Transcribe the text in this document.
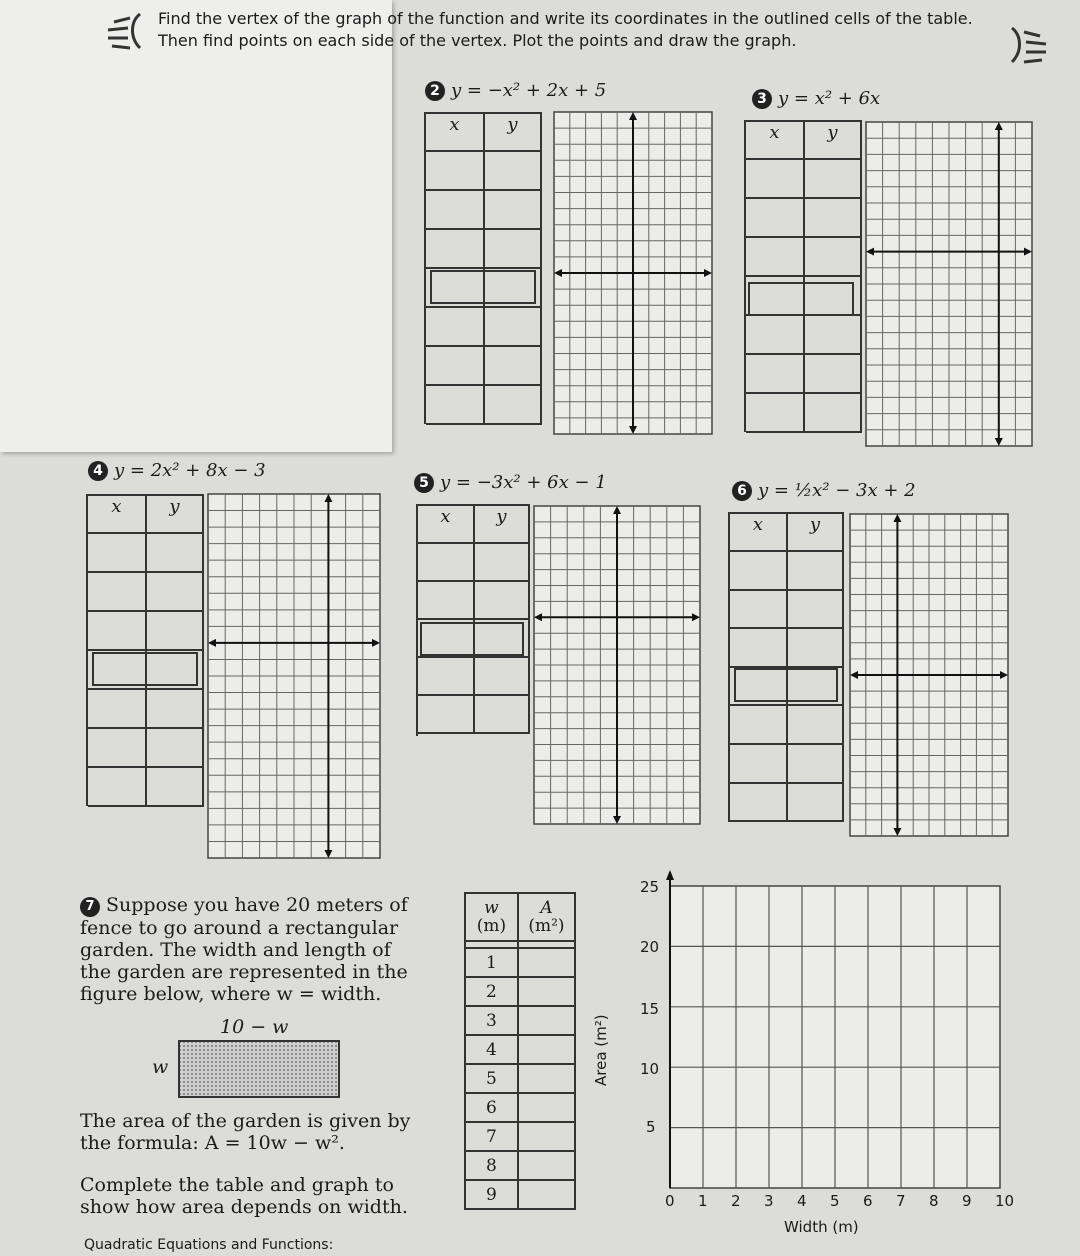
Find the vertex of the graph of the function and write its coordinates in the outlined cells of the table. Then find points on each side of the vertex. Plot the points and draw the graph.
2 y = −x² + 2x + 5
x	y
3 y = x² + 6x
x	y
4 y = 2x² + 8x − 3
x	y
5 y = −3x² + 6x − 1
x	y
6 y = ½x² − 3x + 2
x	y
7 Suppose you have 20 meters of
fence to go around a rectangular
garden. The width and length of
the garden are represented in the
figure below, where w = width.
10 − w
w
The area of the garden is given by
the formula: A = 10w − w².
Complete the table and graph to
show how area depends on width.
w
(m)	A
(m²)

1	
2	
3	
4	
5	
6	
7	
8	
9	
Area (m²)
25
20
15
10
5
0 1 2 3 4 5 6 7 8 9 10
Width (m)
Quadratic Equations and Functions:
